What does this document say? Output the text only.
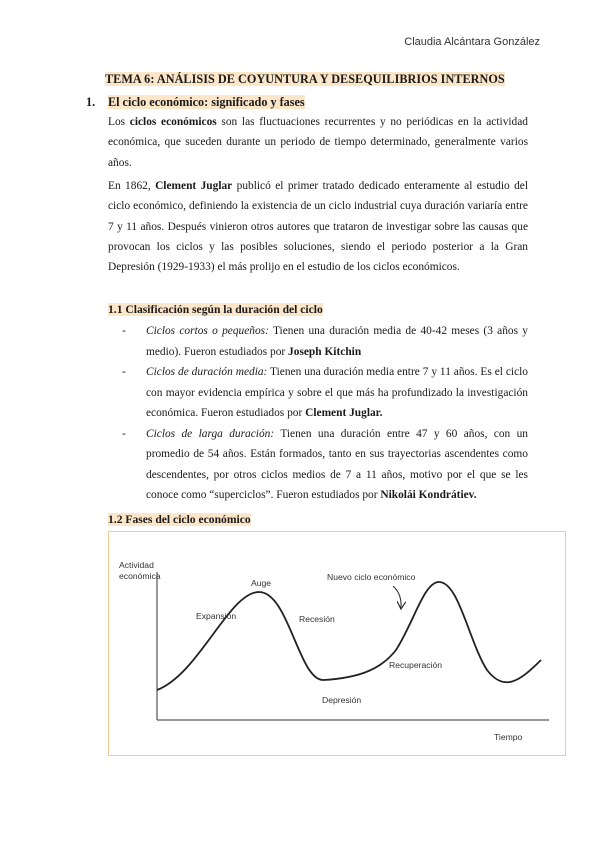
Claudia Alcántara González
TEMA 6: ANÁLISIS DE COYUNTURA Y DESEQUILIBRIOS INTERNOS
1. El ciclo económico: significado y fases
Los ciclos económicos son las fluctuaciones recurrentes y no periódicas en la actividad económica, que suceden durante un periodo de tiempo determinado, generalmente varios años.
En 1862, Clement Juglar publicó el primer tratado dedicado enteramente al estudio del ciclo económico, definiendo la existencia de un ciclo industrial cuya duración variaría entre 7 y 11 años. Después vinieron otros autores que trataron de investigar sobre las causas que provocan los ciclos y las posibles soluciones, siendo el periodo posterior a la Gran Depresión (1929-1933) el más prolijo en el estudio de los ciclos económicos.
1.1 Clasificación según la duración del ciclo
- Ciclos cortos o pequeños: Tienen una duración media de 40-42 meses (3 años y medio). Fueron estudiados por Joseph Kitchin
- Ciclos de duración media: Tienen una duración media entre 7 y 11 años. Es el ciclo con mayor evidencia empírica y sobre el que más ha profundizado la investigación económica. Fueron estudiados por Clement Juglar.
- Ciclos de larga duración: Tienen una duración entre 47 y 60 años, con un promedio de 54 años. Están formados, tanto en sus trayectorias ascendentes como descendentes, por otros ciclos medios de 7 a 11 años, motivo por el que se les conoce como “superciclos”. Fueron estudiados por Nikolái Kondrátiev.
1.2 Fases del ciclo económico
Actividad
económica
Tiempo
Auge
Expansión	Recesión
Depresión
Recuperación
Nuevo ciclo económico
